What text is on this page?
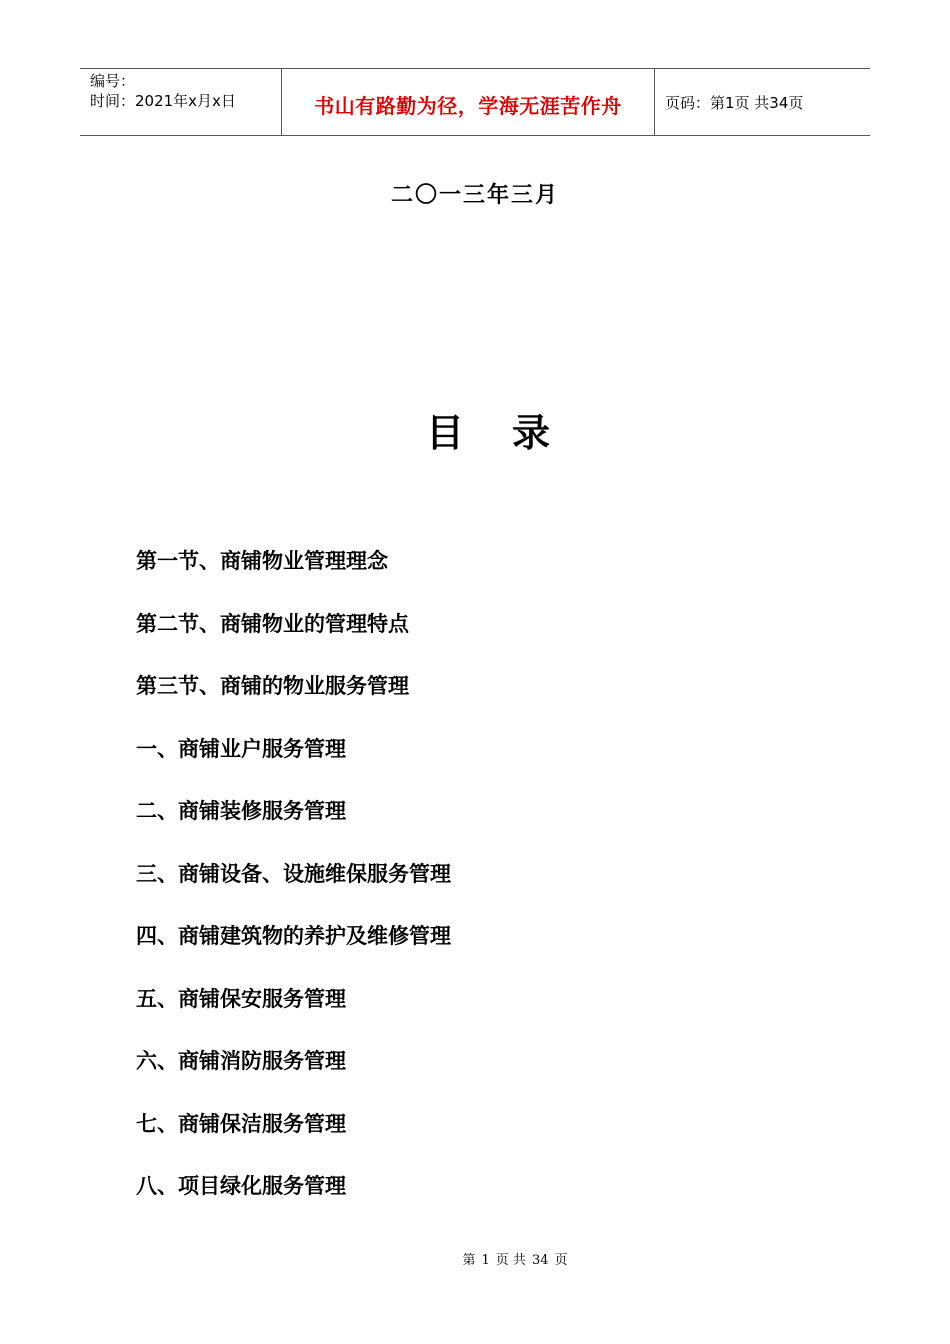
编号：
时间：2021年x月x日	书山有路勤为径，学海无涯苦作舟	页码：第1页 共34页
二〇一三年三月
目录
第一节、商铺物业管理理念
第二节、商铺物业的管理特点
第三节、商铺的物业服务管理
一、商铺业户服务管理
二、商铺装修服务管理
三、商铺设备、设施维保服务管理
四、商铺建筑物的养护及维修管理
五、商铺保安服务管理
六、商铺消防服务管理
七、商铺保洁服务管理
八、项目绿化服务管理
第 1 页 共 34 页
